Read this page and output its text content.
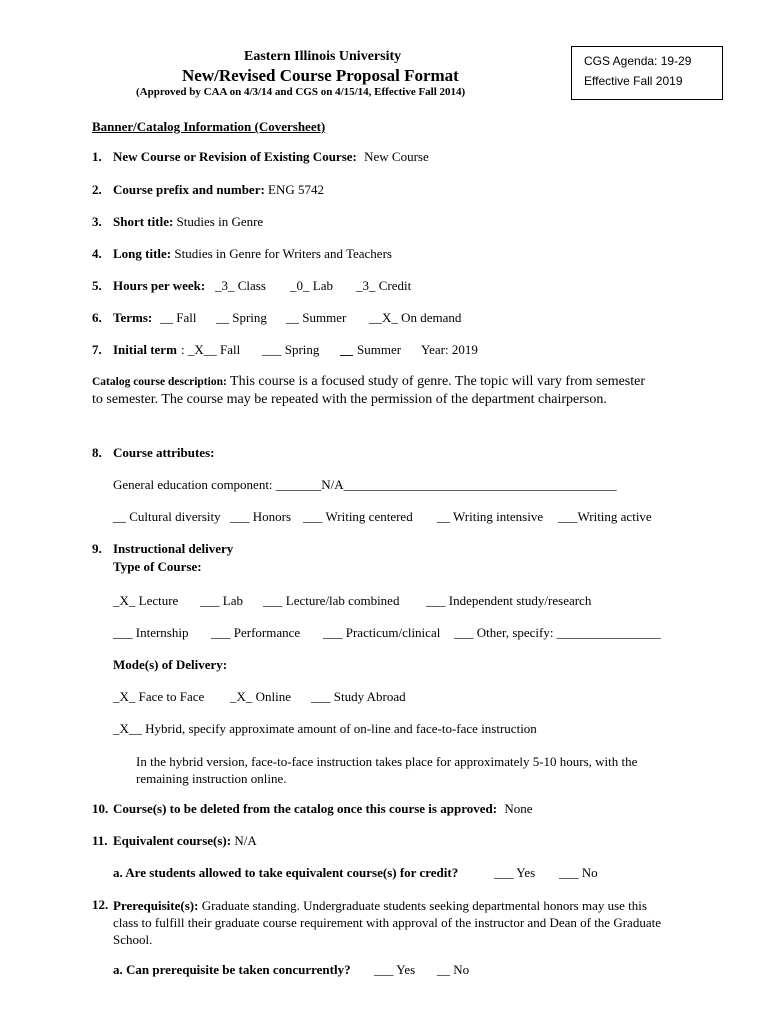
Eastern Illinois University
New/Revised Course Proposal Format
(Approved by CAA on 4/3/14 and CGS on 4/15/14, Effective Fall 2014)
CGS Agenda: 19-29
Effective Fall 2019
Banner/Catalog Information (Coversheet)
1. New Course or Revision of Existing Course: New Course
2. Course prefix and number: ENG 5742
3. Short title: Studies in Genre
4. Long title: Studies in Genre for Writers and Teachers
5. Hours per week: _3_ Class _0_ Lab _3_ Credit
6. Terms: __ Fall __ Spring __ Summer __X_ On demand
7. Initial term : _X__ Fall ___ Spring __ Summer Year: 2019
Catalog course description: This course is a focused study of genre. The topic will vary from semester to semester. The course may be repeated with the permission of the department chairperson.
8. Course attributes:
General education component: _______N/A__________________________________________
__ Cultural diversity ___ Honors ___ Writing centered __ Writing intensive ___Writing active
9. Instructional delivery
Type of Course:
_X_ Lecture ___ Lab ___ Lecture/lab combined ___ Independent study/research
___ Internship ___ Performance ___ Practicum/clinical ___ Other, specify: ________________
Mode(s) of Delivery:
_X_ Face to Face _X_ Online ___ Study Abroad
_X__ Hybrid, specify approximate amount of on-line and face-to-face instruction
In the hybrid version, face-to-face instruction takes place for approximately 5-10 hours, with the remaining instruction online.
10. Course(s) to be deleted from the catalog once this course is approved: None
11. Equivalent course(s): N/A
a. Are students allowed to take equivalent course(s) for credit?	___ Yes ___ No
12. Prerequisite(s): Graduate standing. Undergraduate students seeking departmental honors may use this class to fulfill their graduate course requirement with approval of the instructor and Dean of the Graduate School.
a. Can prerequisite be taken concurrently? ___ Yes __ No
